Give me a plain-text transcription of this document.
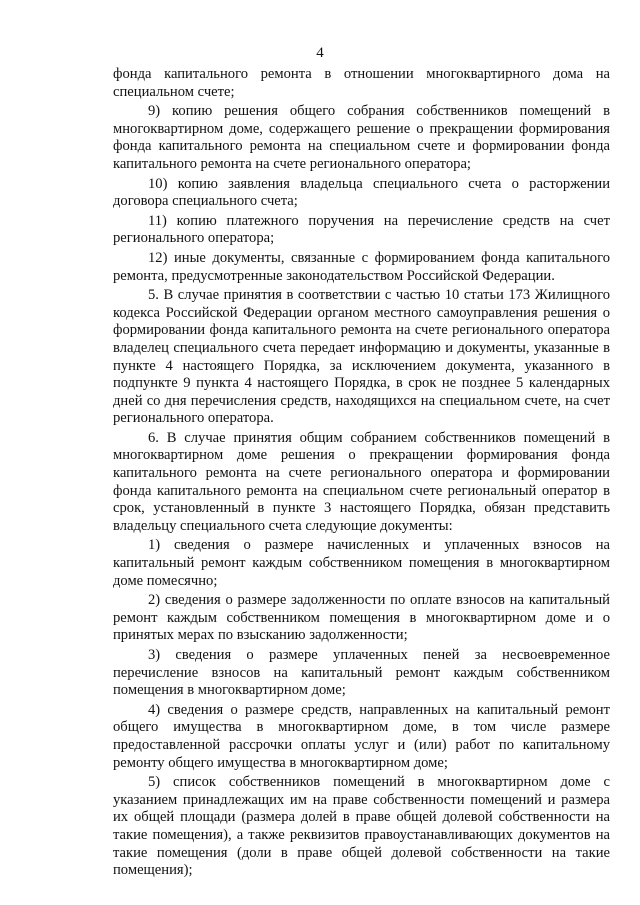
4

фонда капитального ремонта в отношении многоквартирного дома на специальном счете;

9) копию решения общего собрания собственников помещений в многоквартирном доме, содержащего решение о прекращении формирования фонда капитального ремонта на специальном счете и формировании фонда капитального ремонта на счете регионального оператора;

10) копию заявления владельца специального счета о расторжении договора специального счета;

11) копию платежного поручения на перечисление средств на счет регионального оператора;

12) иные документы, связанные с формированием фонда капитального ремонта, предусмотренные законодательством Российской Федерации.

5. В случае принятия в соответствии с частью 10 статьи 173 Жилищного кодекса Российской Федерации органом местного самоуправления решения о формировании фонда капитального ремонта на счете регионального оператора владелец специального счета передает информацию и документы, указанные в пункте 4 настоящего Порядка, за исключением документа, указанного в подпункте 9 пункта 4 настоящего Порядка, в срок не позднее 5 календарных дней со дня перечисления средств, находящихся на специальном счете, на счет регионального оператора.

6. В случае принятия общим собранием собственников помещений в многоквартирном доме решения о прекращении формирования фонда капитального ремонта на счете регионального оператора и формировании фонда капитального ремонта на специальном счете региональный оператор в срок, установленный в пункте 3 настоящего Порядка, обязан представить владельцу специального счета следующие документы:

1) сведения о размере начисленных и уплаченных взносов на капитальный ремонт каждым собственником помещения в многоквартирном доме помесячно;

2) сведения о размере задолженности по оплате взносов на капитальный ремонт каждым собственником помещения в многоквартирном доме и о принятых мерах по взысканию задолженности;

3) сведения о размере уплаченных пеней за несвоевременное перечисление взносов на капитальный ремонт каждым собственником помещения в многоквартирном доме;

4) сведения о размере средств, направленных на капитальный ремонт общего имущества в многоквартирном доме, в том числе размере предоставленной рассрочки оплаты услуг и (или) работ по капитальному ремонту общего имущества в многоквартирном доме;

5) список собственников помещений в многоквартирном доме с указанием принадлежащих им на праве собственности помещений и размера их общей площади (размера долей в праве общей долевой собственности на такие помещения), а также реквизитов правоустанавливающих документов на такие помещения (доли в праве общей долевой собственности на такие помещения);
